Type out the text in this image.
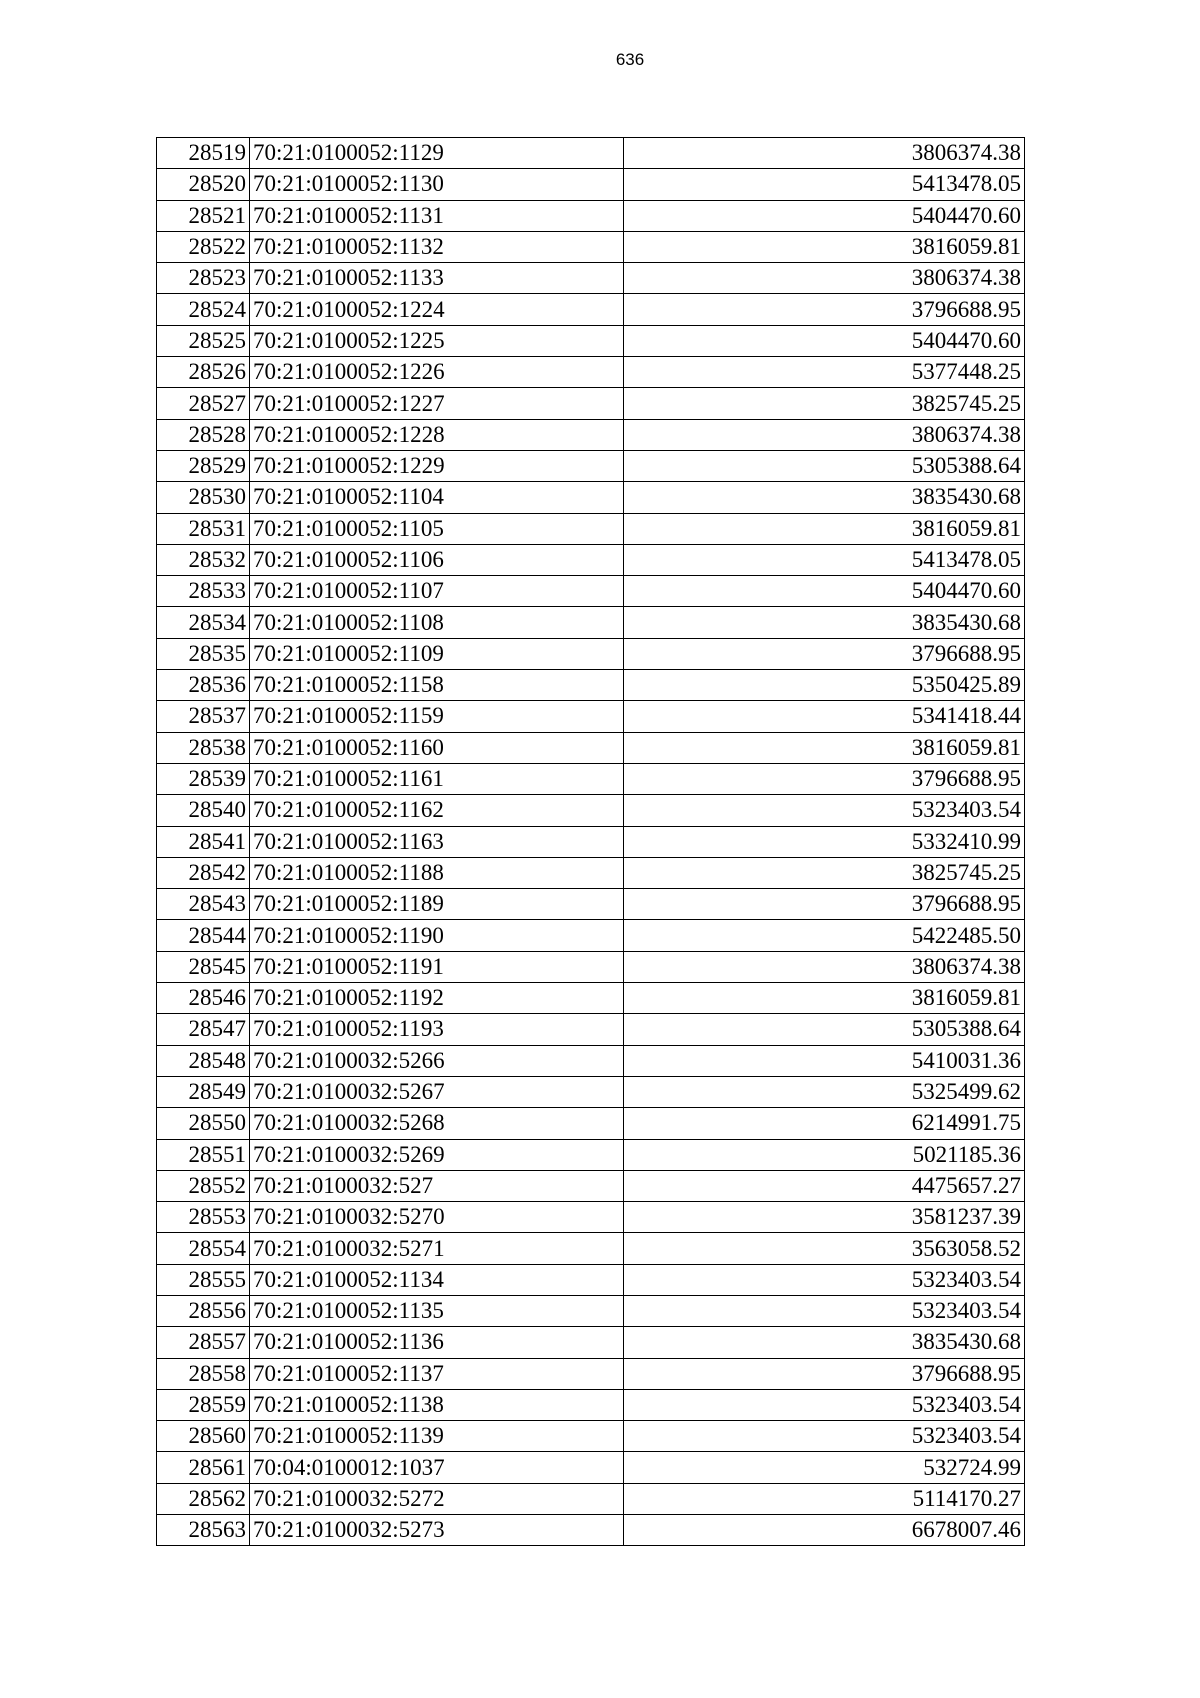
636
28519	70:21:0100052:1129	3806374.38
28520	70:21:0100052:1130	5413478.05
28521	70:21:0100052:1131	5404470.60
28522	70:21:0100052:1132	3816059.81
28523	70:21:0100052:1133	3806374.38
28524	70:21:0100052:1224	3796688.95
28525	70:21:0100052:1225	5404470.60
28526	70:21:0100052:1226	5377448.25
28527	70:21:0100052:1227	3825745.25
28528	70:21:0100052:1228	3806374.38
28529	70:21:0100052:1229	5305388.64
28530	70:21:0100052:1104	3835430.68
28531	70:21:0100052:1105	3816059.81
28532	70:21:0100052:1106	5413478.05
28533	70:21:0100052:1107	5404470.60
28534	70:21:0100052:1108	3835430.68
28535	70:21:0100052:1109	3796688.95
28536	70:21:0100052:1158	5350425.89
28537	70:21:0100052:1159	5341418.44
28538	70:21:0100052:1160	3816059.81
28539	70:21:0100052:1161	3796688.95
28540	70:21:0100052:1162	5323403.54
28541	70:21:0100052:1163	5332410.99
28542	70:21:0100052:1188	3825745.25
28543	70:21:0100052:1189	3796688.95
28544	70:21:0100052:1190	5422485.50
28545	70:21:0100052:1191	3806374.38
28546	70:21:0100052:1192	3816059.81
28547	70:21:0100052:1193	5305388.64
28548	70:21:0100032:5266	5410031.36
28549	70:21:0100032:5267	5325499.62
28550	70:21:0100032:5268	6214991.75
28551	70:21:0100032:5269	5021185.36
28552	70:21:0100032:527	4475657.27
28553	70:21:0100032:5270	3581237.39
28554	70:21:0100032:5271	3563058.52
28555	70:21:0100052:1134	5323403.54
28556	70:21:0100052:1135	5323403.54
28557	70:21:0100052:1136	3835430.68
28558	70:21:0100052:1137	3796688.95
28559	70:21:0100052:1138	5323403.54
28560	70:21:0100052:1139	5323403.54
28561	70:04:0100012:1037	532724.99
28562	70:21:0100032:5272	5114170.27
28563	70:21:0100032:5273	6678007.46
